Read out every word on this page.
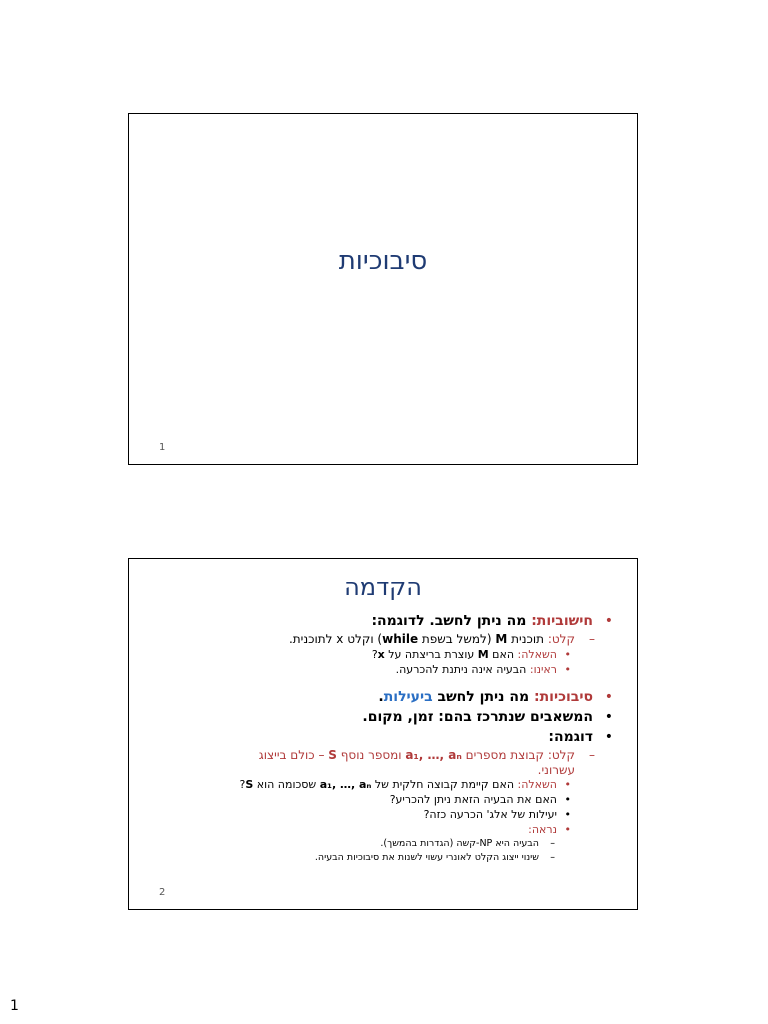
סיבוכיות
1
הקדמה
•
חישוביות: מה ניתן לחשב. לדוגמה:
–
קלט: תוכנית M (למשל בשפת while) וקלט x לתוכנית.
•
השאלה: האם M עוצרת בריצתה על x?
•
ראינו: הבעיה אינה ניתנת להכרעה.
•
סיבוכיות: מה ניתן לחשב ביעילות.
•
המשאבים שנתרכז בהם: זמן, מקום.
•
דוגמה:
–
קלט: קבוצת מספרים a₁, …, aₙ ומספר נוסף S – כולם בייצוג
עשרוני.
•
השאלה: האם קיימת קבוצה חלקית של a₁, …, aₙ שסכומה הוא S?
•
האם את הבעיה הזאת ניתן להכריע?
•
יעילות של אלג' הכרעה כזה?
•
נראה:
–
הבעיה היא NP-קשה (הגדרות בהמשך).
–
שינוי ייצוג הקלט לאונרי עשוי לשנות את סיבוכיות הבעיה.
2
1
